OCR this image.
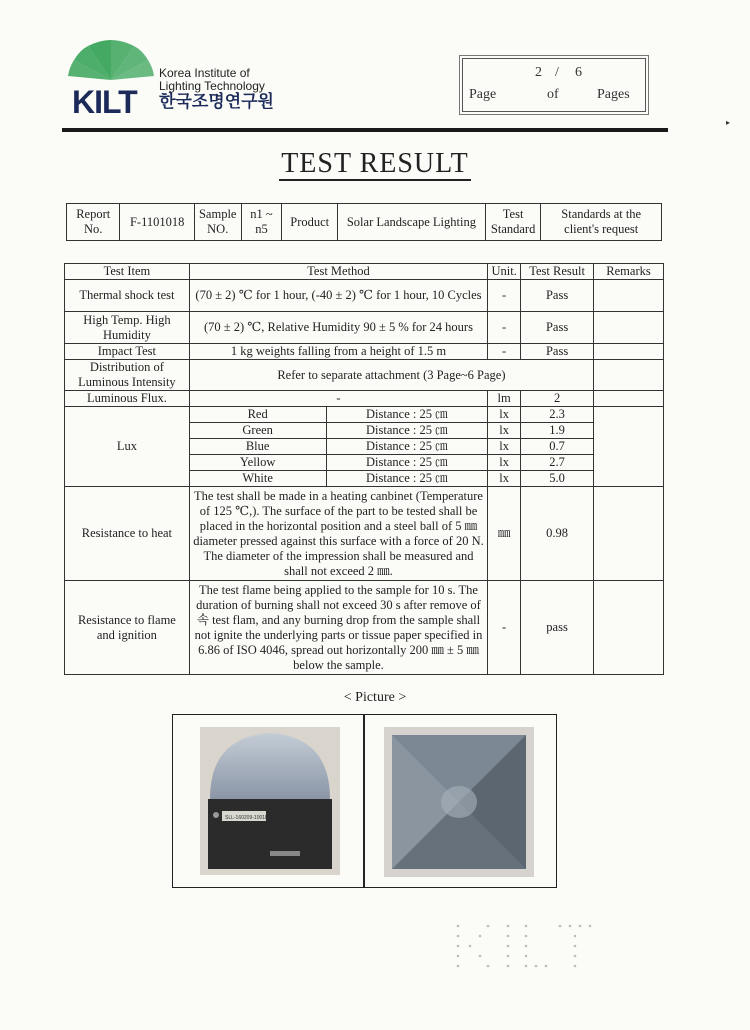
KILT
Korea Institute of
Lighting Technology
한국조명연구원
2 / 6
Page	of	Pages
▸
TEST RESULT
Report No.	F-1101018	Sample NO.	n1 ~ n5	Product	Solar Landscape Lighting	Test Standard	Standards at the client's request
Test Item	Test Method		Unit.	Test Result	Remarks
Thermal shock test	(70 ± 2) ℃ for 1 hour, (-40 ± 2) ℃ for 1 hour, 10 Cycles		-	Pass	
High Temp. High Humidity	(70 ± 2) ℃, Relative Humidity 90 ± 5 % for 24 hours		-	Pass	
Impact Test	1 kg weights falling from a height of 1.5 m		-	Pass	
Distribution of Luminous Intensity	Refer to separate attachment (3 Page~6 Page)				
Luminous Flux.	-		lm	2	
Lux	Red	Distance : 25 ㎝	lx	2.3	
	Green	Distance : 25 ㎝	lx	1.9	
	Blue	Distance : 25 ㎝	lx	0.7	
	Yellow	Distance : 25 ㎝	lx	2.7	
	White	Distance : 25 ㎝	lx	5.0	
Resistance to heat	The test shall be made in a heating canbinet (Temperature of 125 ℃,). The surface of the part to be tested shall be placed in the horizontal position and a steel ball of 5 ㎜ diameter pressed against this surface with a force of 20 N. The diameter of the impression shall be measured and shall not exceed 2 ㎜.		㎜	0.98	
Resistance to flame and ignition	The test flame being applied to the sample for 10 s. The duration of burning shall not exceed 30 s after remove of 속 test flam, and any burning drop from the sample shall not ignite the underlying parts or tissue paper specified in 6.86 of ISO 4046, spread out horizontally 200 ㎜ ± 5 ㎜ below the sample.		-	pass	
< Picture >
SLL-160209-1001B
